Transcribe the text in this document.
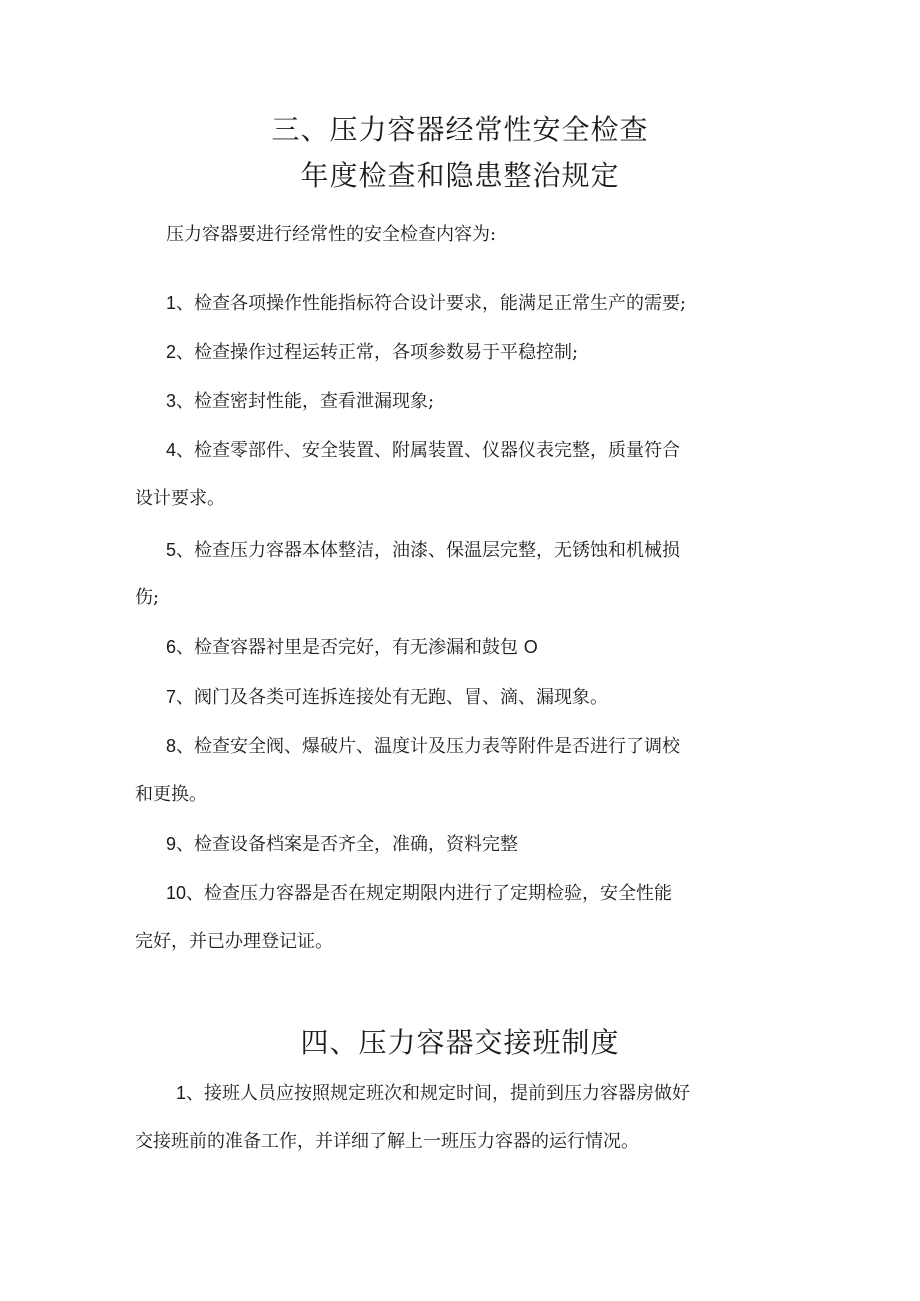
三、压力容器经常性安全检查
年度检查和隐患整治规定
压力容器要进行经常性的安全检查内容为:
1、检查各项操作性能指标符合设计要求，能满足正常生产的需要;
2、检查操作过程运转正常，各项参数易于平稳控制;
3、检查密封性能，查看泄漏现象;
4、检查零部件、安全装置、附属装置、仪器仪表完整，质量符合
设计要求。
5、检查压力容器本体整洁，油漆、保温层完整，无锈蚀和机械损
伤;
6、检查容器衬里是否完好，有无渗漏和鼓包 O
7、阀门及各类可连拆连接处有无跑、冒、滴、漏现象。
8、检查安全阀、爆破片、温度计及压力表等附件是否进行了调校
和更换。
9、检查设备档案是否齐全，准确，资料完整
10、检查压力容器是否在规定期限内进行了定期检验，安全性能
完好，并已办理登记证。
四、压力容器交接班制度
1、接班人员应按照规定班次和规定时间，提前到压力容器房做好
交接班前的准备工作，并详细了解上一班压力容器的运行情况。
